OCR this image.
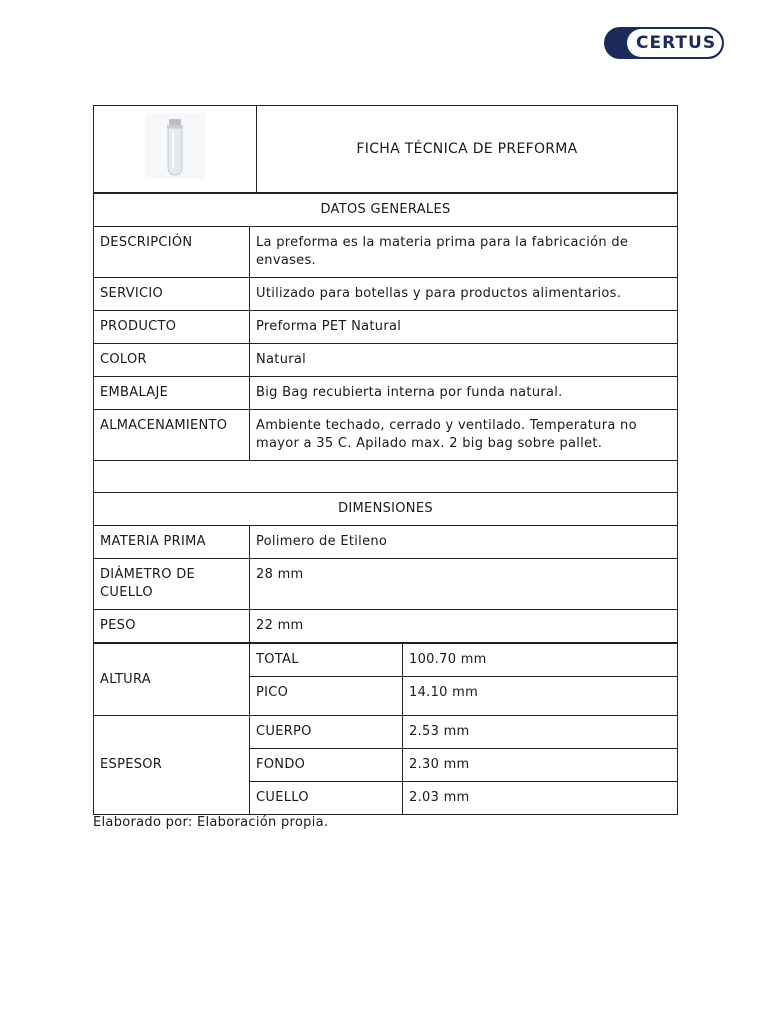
CERTUS
	FICHA TÉCNICA DE PREFORMA
DATOS GENERALES	
DESCRIPCIÓN	La preforma es la materia prima para la fabricación de envases.
SERVICIO	Utilizado para botellas y para productos alimentarios.
PRODUCTO	Preforma PET Natural
COLOR	Natural
EMBALAJE	Big Bag recubierta interna por funda natural.
ALMACENAMIENTO	Ambiente techado, cerrado y ventilado. Temperatura no mayor a 35 C. Apilado max. 2 big bag sobre pallet.

DIMENSIONES	
MATERIA PRIMA	Polimero de Etileno
DIÁMETRO DE CUELLO	28 mm
PESO	22 mm
ALTURA	TOTAL	100.70 mm
	PICO	14.10 mm
ESPESOR	CUERPO	2.53 mm
	FONDO	2.30 mm
	CUELLO	2.03 mm
Elaborado por: Elaboración propia.
